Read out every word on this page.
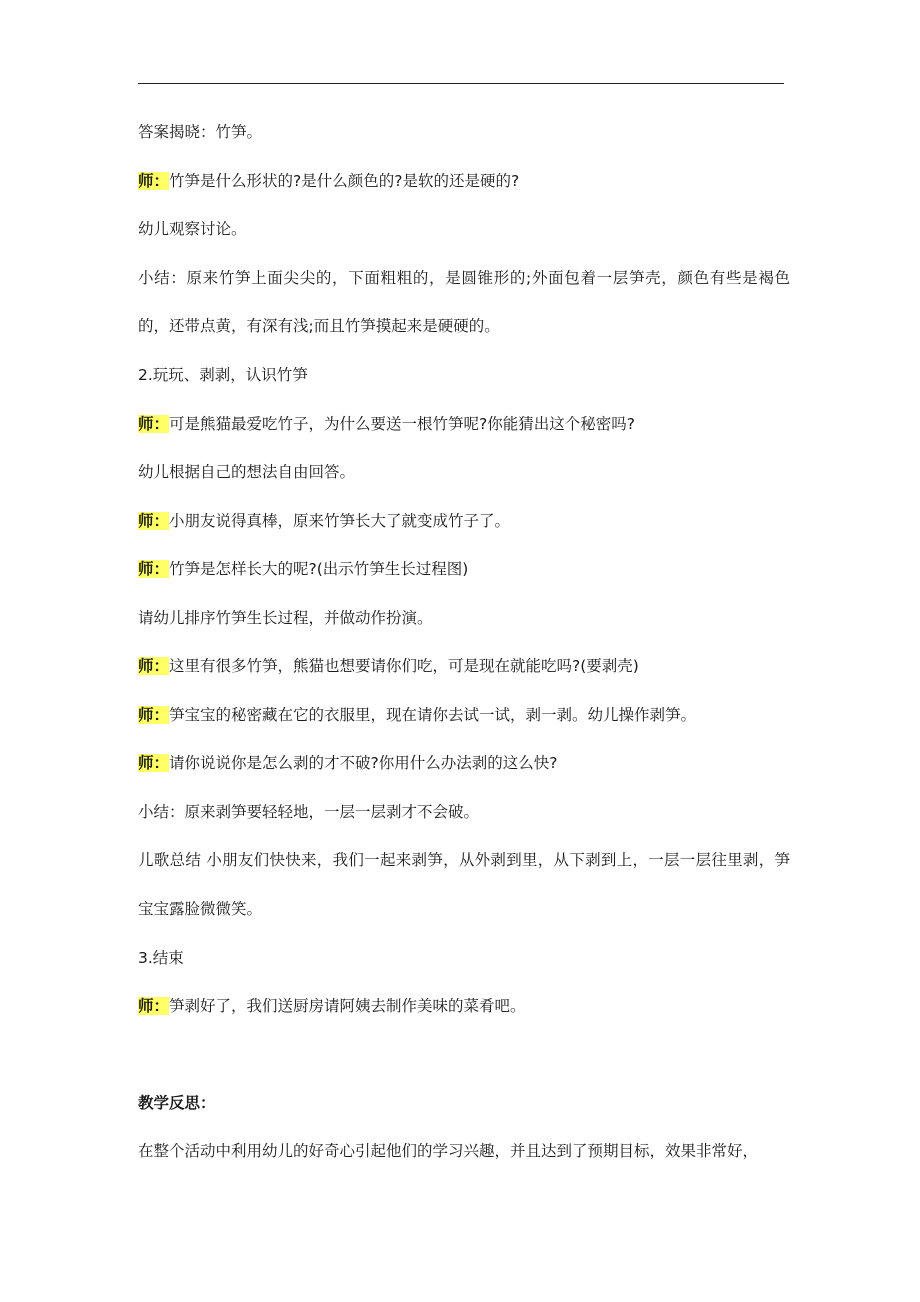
答案揭晓：竹笋。

师：竹笋是什么形状的?是什么颜色的?是软的还是硬的?

幼儿观察讨论。

小结：原来竹笋上面尖尖的，下面粗粗的，是圆锥形的;外面包着一层笋壳，颜色有些是褐色的，还带点黄，有深有浅;而且竹笋摸起来是硬硬的。

2.玩玩、剥剥，认识竹笋

师：可是熊猫最爱吃竹子，为什么要送一根竹笋呢?你能猜出这个秘密吗?

幼儿根据自己的想法自由回答。

师：小朋友说得真棒，原来竹笋长大了就变成竹子了。

师：竹笋是怎样长大的呢?(出示竹笋生长过程图)

请幼儿排序竹笋生长过程，并做动作扮演。

师：这里有很多竹笋，熊猫也想要请你们吃，可是现在就能吃吗?(要剥壳)

师：笋宝宝的秘密藏在它的衣服里，现在请你去试一试，剥一剥。幼儿操作剥笋。

师：请你说说你是怎么剥的才不破?你用什么办法剥的这么快?

小结：原来剥笋要轻轻地，一层一层剥才不会破。

儿歌总结 小朋友们快快来，我们一起来剥笋，从外剥到里，从下剥到上，一层一层往里剥，笋宝宝露脸微微笑。

3.结束

师：笋剥好了，我们送厨房请阿姨去制作美味的菜肴吧。

教学反思：

在整个活动中利用幼儿的好奇心引起他们的学习兴趣，并且达到了预期目标，效果非常好，
